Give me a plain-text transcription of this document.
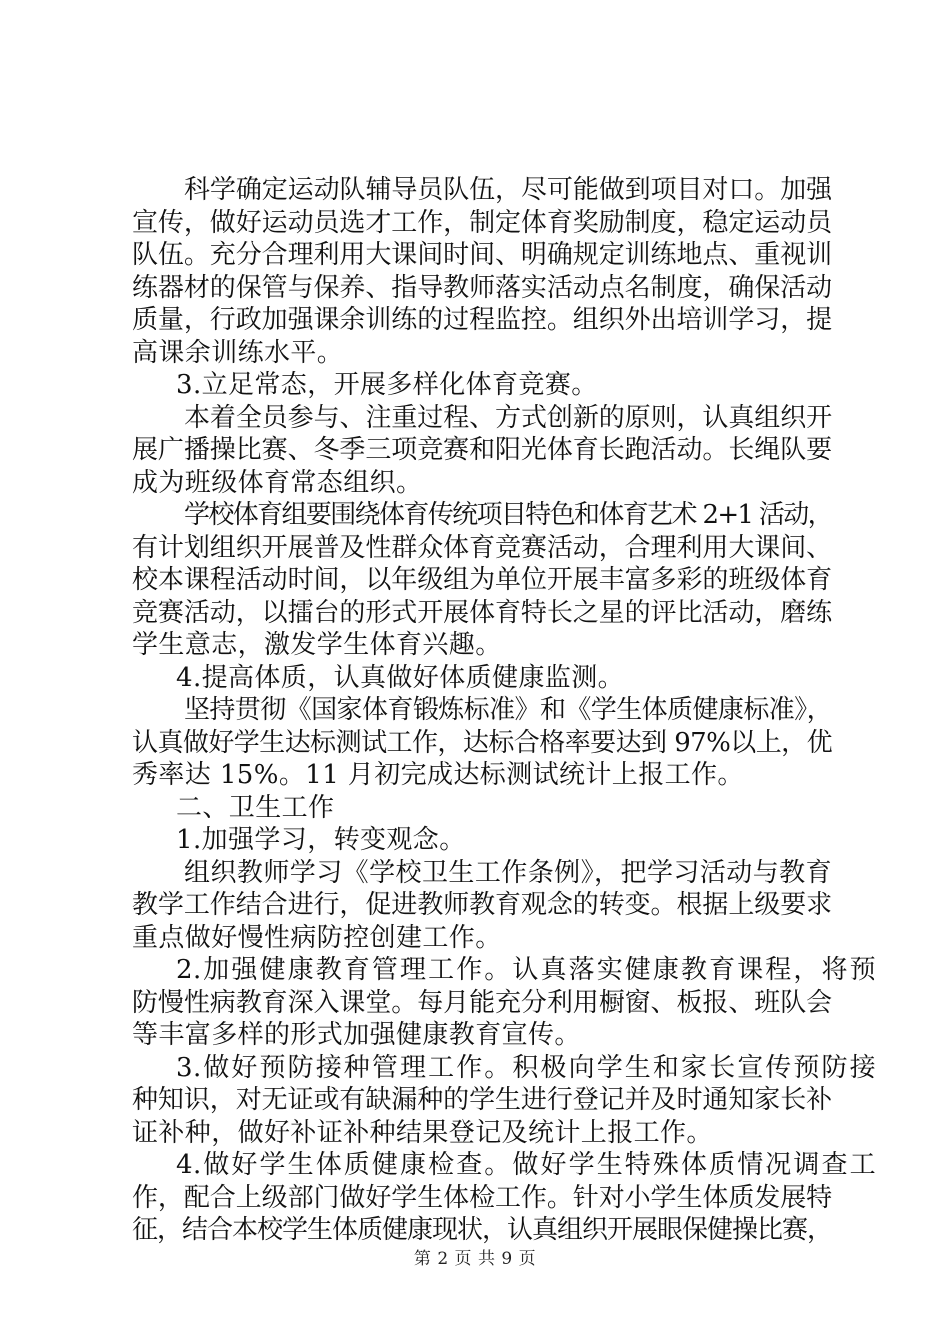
科学确定运动队辅导员队伍，尽可能做到项目对口。加强
宣传，做好运动员选才工作，制定体育奖励制度，稳定运动员
队伍。充分合理利用大课间时间、明确规定训练地点、重视训
练器材的保管与保养、指导教师落实活动点名制度，确保活动
质量，行政加强课余训练的过程监控。组织外出培训学习，提
高课余训练水平。
3.立足常态，开展多样化体育竞赛。
本着全员参与、注重过程、方式创新的原则，认真组织开
展广播操比赛、冬季三项竞赛和阳光体育长跑活动。长绳队要
成为班级体育常态组织。
学校体育组要围绕体育传统项目特色和体育艺术 2+1 活动，
有计划组织开展普及性群众体育竞赛活动，合理利用大课间、
校本课程活动时间，以年级组为单位开展丰富多彩的班级体育
竞赛活动，以擂台的形式开展体育特长之星的评比活动，磨练
学生意志，激发学生体育兴趣。
4.提高体质，认真做好体质健康监测。
坚持贯彻《国家体育锻炼标准》和《学生体质健康标准》，
认真做好学生达标测试工作，达标合格率要达到 97%以上，优
秀率达 15%。11 月初完成达标测试统计上报工作。
二、卫生工作
1.加强学习，转变观念。
组织教师学习《学校卫生工作条例》，把学习活动与教育
教学工作结合进行，促进教师教育观念的转变。根据上级要求
重点做好慢性病防控创建工作。
2.加强健康教育管理工作。认真落实健康教育课程，将预
防慢性病教育深入课堂。每月能充分利用橱窗、板报、班队会
等丰富多样的形式加强健康教育宣传。
3.做好预防接种管理工作。积极向学生和家长宣传预防接
种知识，对无证或有缺漏种的学生进行登记并及时通知家长补
证补种，做好补证补种结果登记及统计上报工作。
4.做好学生体质健康检查。做好学生特殊体质情况调查工
作，配合上级部门做好学生体检工作。针对小学生体质发展特
征，结合本校学生体质健康现状，认真组织开展眼保健操比赛，
第 2 页 共 9 页
